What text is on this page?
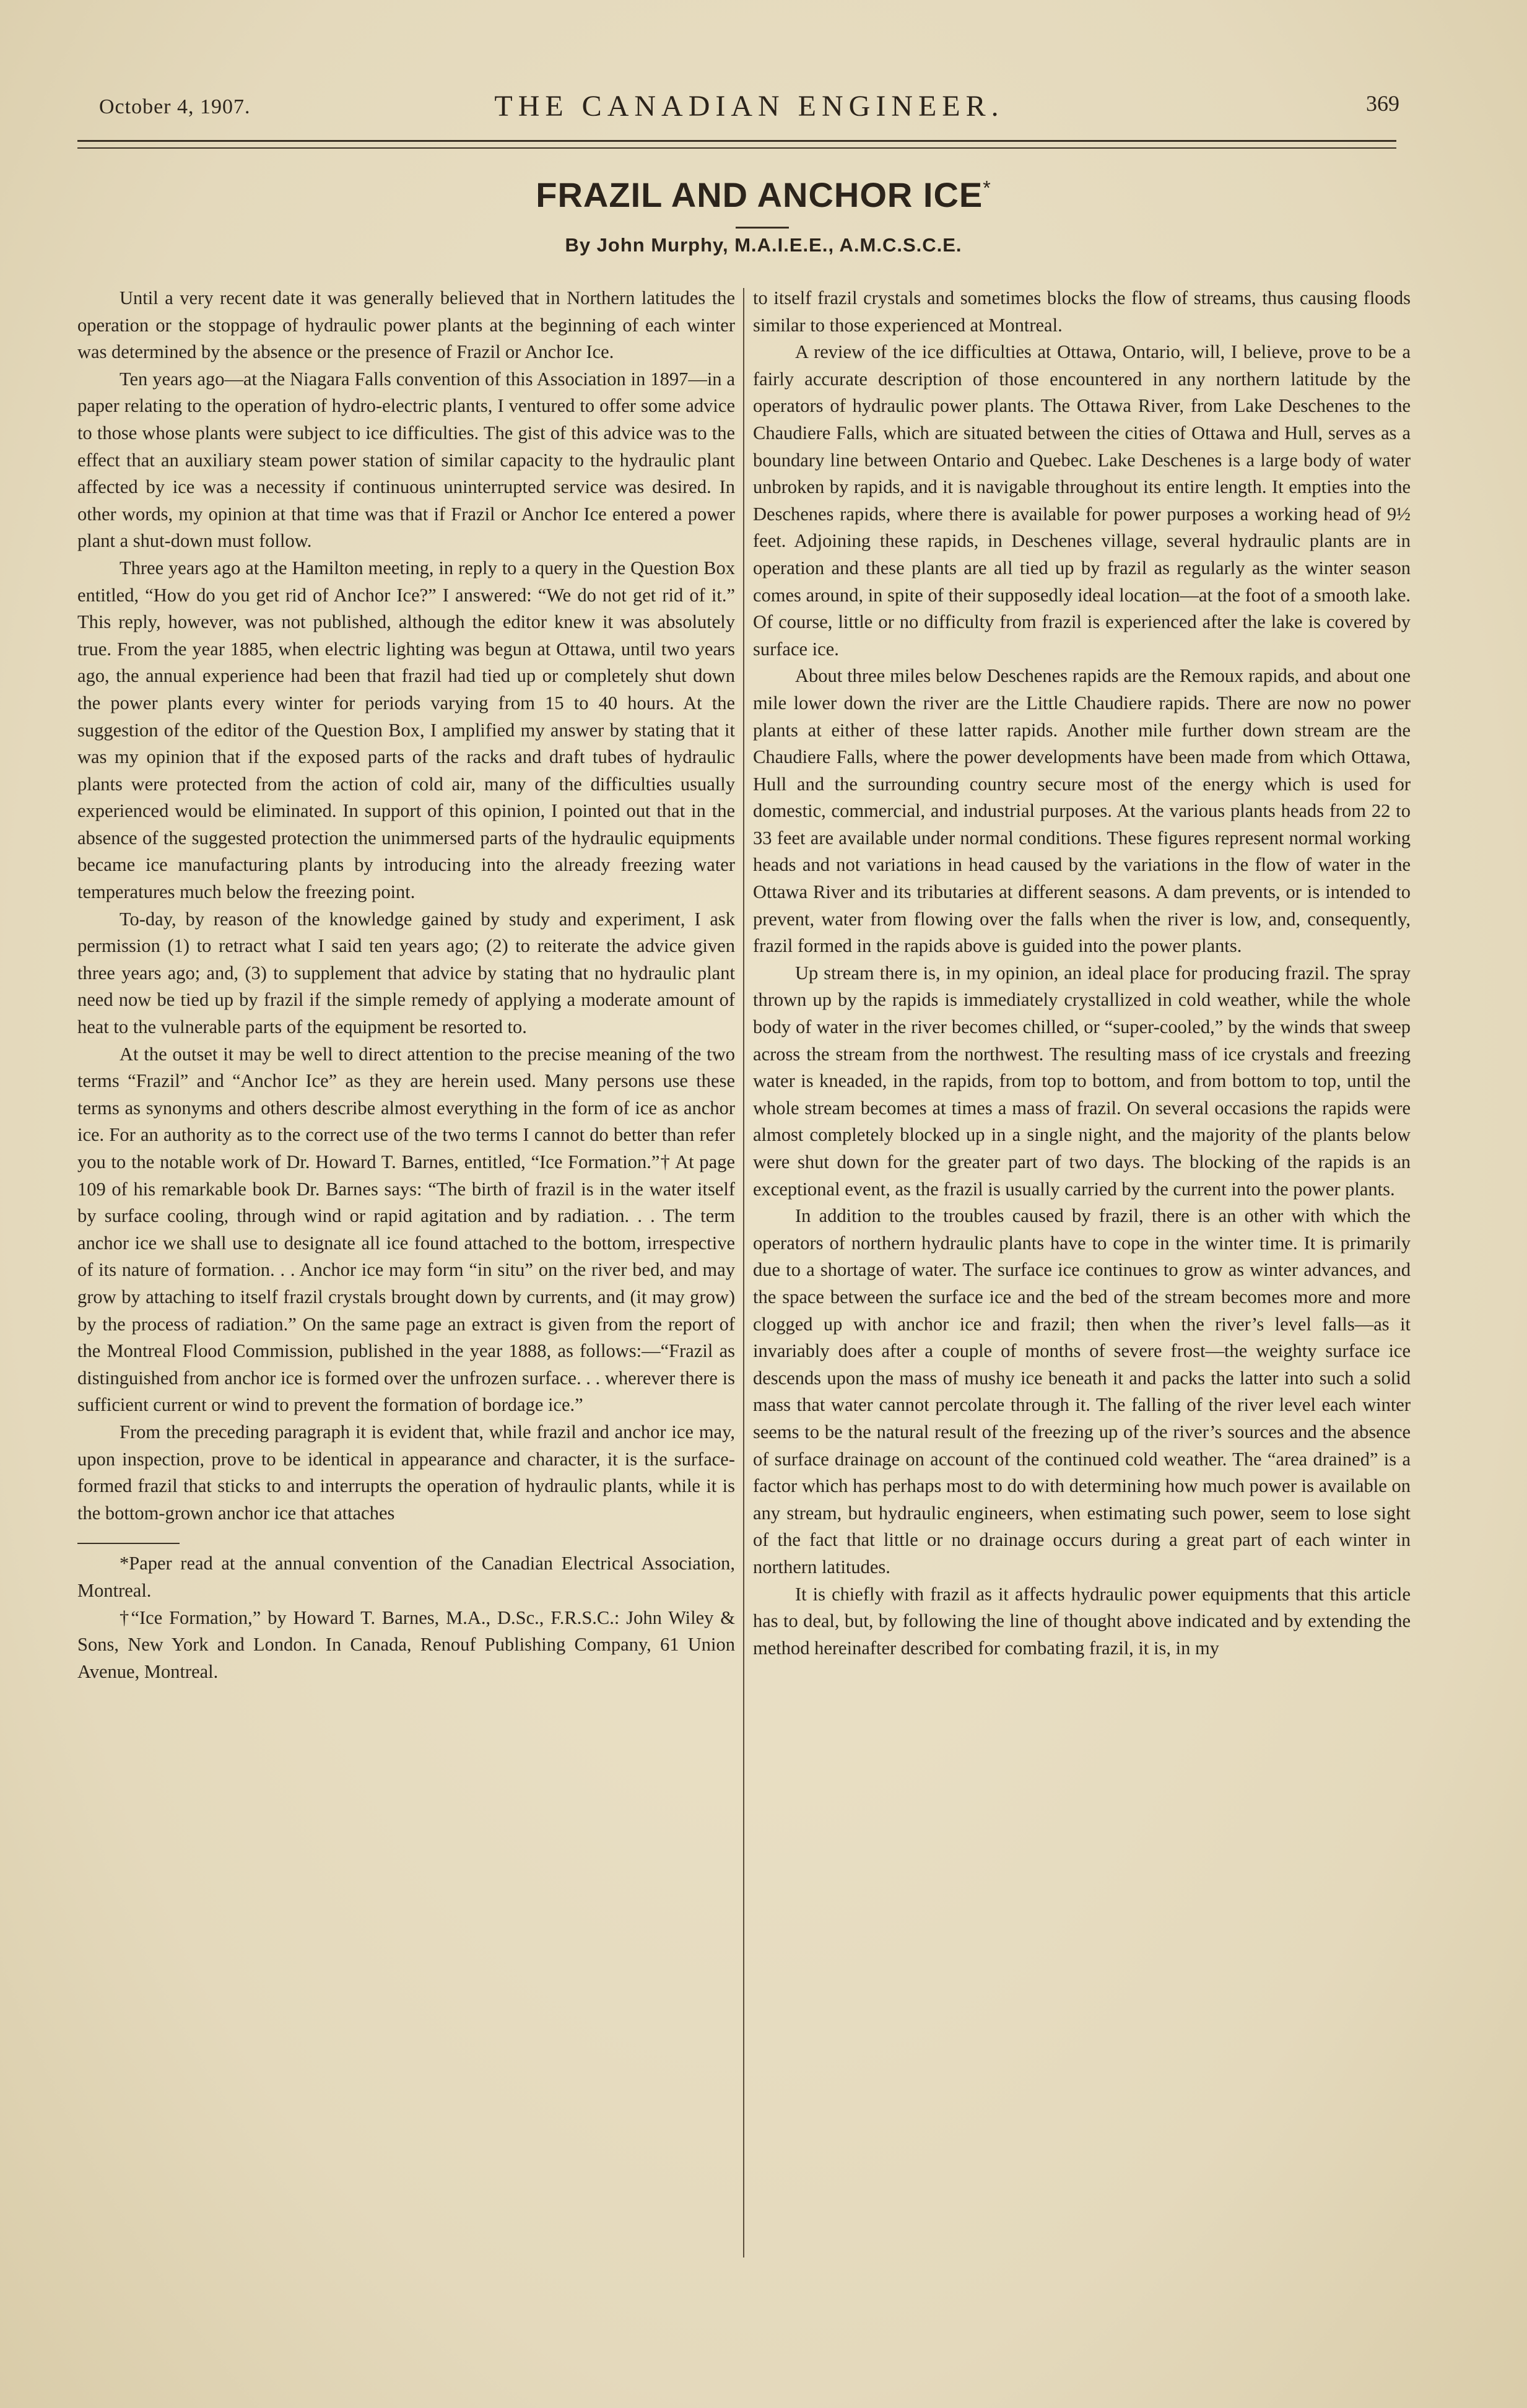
October 4, 1907.	THE CANADIAN ENGINEER.	369
FRAZIL AND ANCHOR ICE*
By John Murphy, M.A.I.E.E., A.M.C.S.C.E.

Until a very recent date it was generally believed that in Northern latitudes the operation or the stoppage of hydraulic power plants at the beginning of each winter was determined by the absence or the presence of Frazil or Anchor Ice.

Ten years ago—at the Niagara Falls convention of this Association in 1897—in a paper relating to the operation of hydro-electric plants, I ventured to offer some advice to those whose plants were subject to ice difficulties. The gist of this advice was to the effect that an auxiliary steam power station of similar capacity to the hydraulic plant affected by ice was a necessity if continuous uninterrupted service was desired. In other words, my opinion at that time was that if Frazil or Anchor Ice entered a power plant a shut-down must follow.

Three years ago at the Hamilton meeting, in reply to a query in the Question Box entitled, “How do you get rid of Anchor Ice?” I answered: “We do not get rid of it.” This reply, however, was not published, although the editor knew it was absolutely true. From the year 1885, when electric lighting was begun at Ottawa, until two years ago, the annual experience had been that frazil had tied up or completely shut down the power plants every winter for periods varying from 15 to 40 hours. At the suggestion of the editor of the Question Box, I amplified my answer by stating that it was my opinion that if the exposed parts of the racks and draft tubes of hydraulic plants were protected from the action of cold air, many of the difficulties usually experienced would be eliminated. In support of this opinion, I pointed out that in the absence of the suggested protection the unimmersed parts of the hydraulic equipments became ice manufacturing plants by introducing into the already freezing water temperatures much below the freezing point.

To-day, by reason of the knowledge gained by study and experiment, I ask permission (1) to retract what I said ten years ago; (2) to reiterate the advice given three years ago; and, (3) to supplement that advice by stating that no hydraulic plant need now be tied up by frazil if the simple remedy of applying a moderate amount of heat to the vulnerable parts of the equipment be resorted to.

At the outset it may be well to direct attention to the precise meaning of the two terms “Frazil” and “Anchor Ice” as they are herein used. Many persons use these terms as synonyms and others describe almost everything in the form of ice as anchor ice. For an authority as to the correct use of the two terms I cannot do better than refer you to the notable work of Dr. Howard T. Barnes, entitled, “Ice Formation.”† At page 109 of his remarkable book Dr. Barnes says: “The birth of frazil is in the water itself by surface cooling, through wind or rapid agitation and by radiation. . . The term anchor ice we shall use to designate all ice found attached to the bottom, irrespective of its nature of formation. . . Anchor ice may form “in situ” on the river bed, and may grow by attaching to itself frazil crystals brought down by currents, and (it may grow) by the process of radiation.” On the same page an extract is given from the report of the Montreal Flood Commission, published in the year 1888, as follows:—“Frazil as distinguished from anchor ice is formed over the unfrozen surface. . . wherever there is sufficient current or wind to prevent the formation of bordage ice.”

From the preceding paragraph it is evident that, while frazil and anchor ice may, upon inspection, prove to be identical in appearance and character, it is the surface-formed frazil that sticks to and interrupts the operation of hydraulic plants, while it is the bottom-grown anchor ice that attaches

*Paper read at the annual convention of the Canadian Electrical Association, Montreal.

†“Ice Formation,” by Howard T. Barnes, M.A., D.Sc., F.R.S.C.: John Wiley & Sons, New York and London. In Canada, Renouf Publishing Company, 61 Union Avenue, Montreal.

to itself frazil crystals and sometimes blocks the flow of streams, thus causing floods similar to those experienced at Montreal.

A review of the ice difficulties at Ottawa, Ontario, will, I believe, prove to be a fairly accurate description of those encountered in any northern latitude by the operators of hydraulic power plants. The Ottawa River, from Lake Deschenes to the Chaudiere Falls, which are situated between the cities of Ottawa and Hull, serves as a boundary line between Ontario and Quebec. Lake Deschenes is a large body of water unbroken by rapids, and it is navigable throughout its entire length. It empties into the Deschenes rapids, where there is available for power purposes a working head of 9½ feet. Adjoining these rapids, in Deschenes village, several hydraulic plants are in operation and these plants are all tied up by frazil as regularly as the winter season comes around, in spite of their supposedly ideal location—at the foot of a smooth lake. Of course, little or no difficulty from frazil is experienced after the lake is covered by surface ice.

About three miles below Deschenes rapids are the Remoux rapids, and about one mile lower down the river are the Little Chaudiere rapids. There are now no power plants at either of these latter rapids. Another mile further down stream are the Chaudiere Falls, where the power developments have been made from which Ottawa, Hull and the surrounding country secure most of the energy which is used for domestic, commercial, and industrial purposes. At the various plants heads from 22 to 33 feet are available under normal conditions. These figures represent normal working heads and not variations in head caused by the variations in the flow of water in the Ottawa River and its tributaries at different seasons. A dam prevents, or is intended to prevent, water from flowing over the falls when the river is low, and, consequently, frazil formed in the rapids above is guided into the power plants.

Up stream there is, in my opinion, an ideal place for producing frazil. The spray thrown up by the rapids is immediately crystallized in cold weather, while the whole body of water in the river becomes chilled, or “super-cooled,” by the winds that sweep across the stream from the northwest. The resulting mass of ice crystals and freezing water is kneaded, in the rapids, from top to bottom, and from bottom to top, until the whole stream becomes at times a mass of frazil. On several occasions the rapids were almost completely blocked up in a single night, and the majority of the plants below were shut down for the greater part of two days. The blocking of the rapids is an exceptional event, as the frazil is usually carried by the current into the power plants.

In addition to the troubles caused by frazil, there is an other with which the operators of northern hydraulic plants have to cope in the winter time. It is primarily due to a shortage of water. The surface ice continues to grow as winter advances, and the space between the surface ice and the bed of the stream becomes more and more clogged up with anchor ice and frazil; then when the river’s level falls—as it invariably does after a couple of months of severe frost—the weighty surface ice descends upon the mass of mushy ice beneath it and packs the latter into such a solid mass that water cannot percolate through it. The falling of the river level each winter seems to be the natural result of the freezing up of the river’s sources and the absence of surface drainage on account of the continued cold weather. The “area drained” is a factor which has perhaps most to do with determining how much power is available on any stream, but hydraulic engineers, when estimating such power, seem to lose sight of the fact that little or no drainage occurs during a great part of each winter in northern latitudes.

It is chiefly with frazil as it affects hydraulic power equipments that this article has to deal, but, by following the line of thought above indicated and by extending the method hereinafter described for combating frazil, it is, in my
